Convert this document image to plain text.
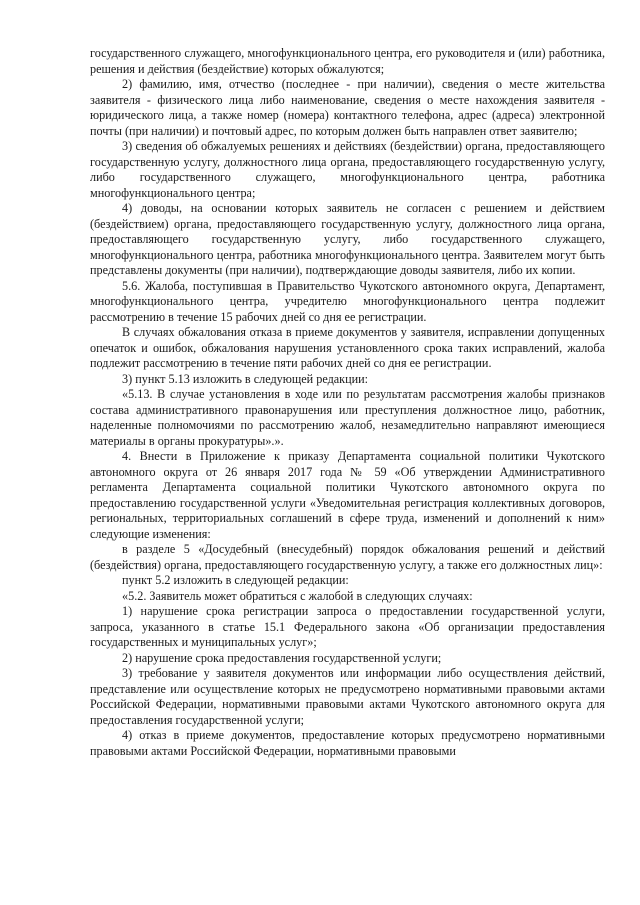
государственного служащего, многофункционального центра, его руководителя и (или) работника, решения и действия (бездействие) которых обжалуются;

2) фамилию, имя, отчество (последнее - при наличии), сведения о месте жительства заявителя - физического лица либо наименование, сведения о месте нахождения заявителя - юридического лица, а также номер (номера) контактного телефона, адрес (адреса) электронной почты (при наличии) и почтовый адрес, по которым должен быть направлен ответ заявителю;

3) сведения об обжалуемых решениях и действиях (бездействии) органа, предоставляющего государственную услугу, должностного лица органа, предоставляющего государственную услугу, либо государственного служащего, многофункционального центра, работника многофункционального центра;

4) доводы, на основании которых заявитель не согласен с решением и действием (бездействием) органа, предоставляющего государственную услугу, должностного лица органа, предоставляющего государственную услугу, либо государственного служащего, многофункционального центра, работника многофункционального центра. Заявителем могут быть представлены документы (при наличии), подтверждающие доводы заявителя, либо их копии.

5.6. Жалоба, поступившая в Правительство Чукотского автономного округа, Департамент, многофункционального центра, учредителю многофункционального центра подлежит рассмотрению в течение 15 рабочих дней со дня ее регистрации.

В случаях обжалования отказа в приеме документов у заявителя, исправлении допущенных опечаток и ошибок, обжалования нарушения установленного срока таких исправлений, жалоба подлежит рассмотрению в течение пяти рабочих дней со дня ее регистрации.

3) пункт 5.13 изложить в следующей редакции:

«5.13. В случае установления в ходе или по результатам рассмотрения жалобы признаков состава административного правонарушения или преступления должностное лицо, работник, наделенные полномочиями по рассмотрению жалоб, незамедлительно направляют имеющиеся материалы в органы прокуратуры».».

4. Внести в Приложение к приказу Департамента социальной политики Чукотского автономного округа от 26 января 2017 года № 59 «Об утверждении Административного регламента Департамента социальной политики Чукотского автономного округа по предоставлению государственной услуги «Уведомительная регистрация коллективных договоров, региональных, территориальных соглашений в сфере труда, изменений и дополнений к ним» следующие изменения:

в разделе 5 «Досудебный (внесудебный) порядок обжалования решений и действий (бездействия) органа, предоставляющего государственную услугу, а также его должностных лиц»:

пункт 5.2 изложить в следующей редакции:

«5.2. Заявитель может обратиться с жалобой в следующих случаях:

1) нарушение срока регистрации запроса о предоставлении государственной услуги, запроса, указанного в статье 15.1 Федерального закона «Об организации предоставления государственных и муниципальных услуг»;

2) нарушение срока предоставления государственной услуги;

3) требование у заявителя документов или информации либо осуществления действий, представление или осуществление которых не предусмотрено нормативными правовыми актами Российской Федерации, нормативными правовыми актами Чукотского автономного округа для предоставления государственной услуги;

4) отказ в приеме документов, предоставление которых предусмотрено нормативными правовыми актами Российской Федерации, нормативными правовыми
